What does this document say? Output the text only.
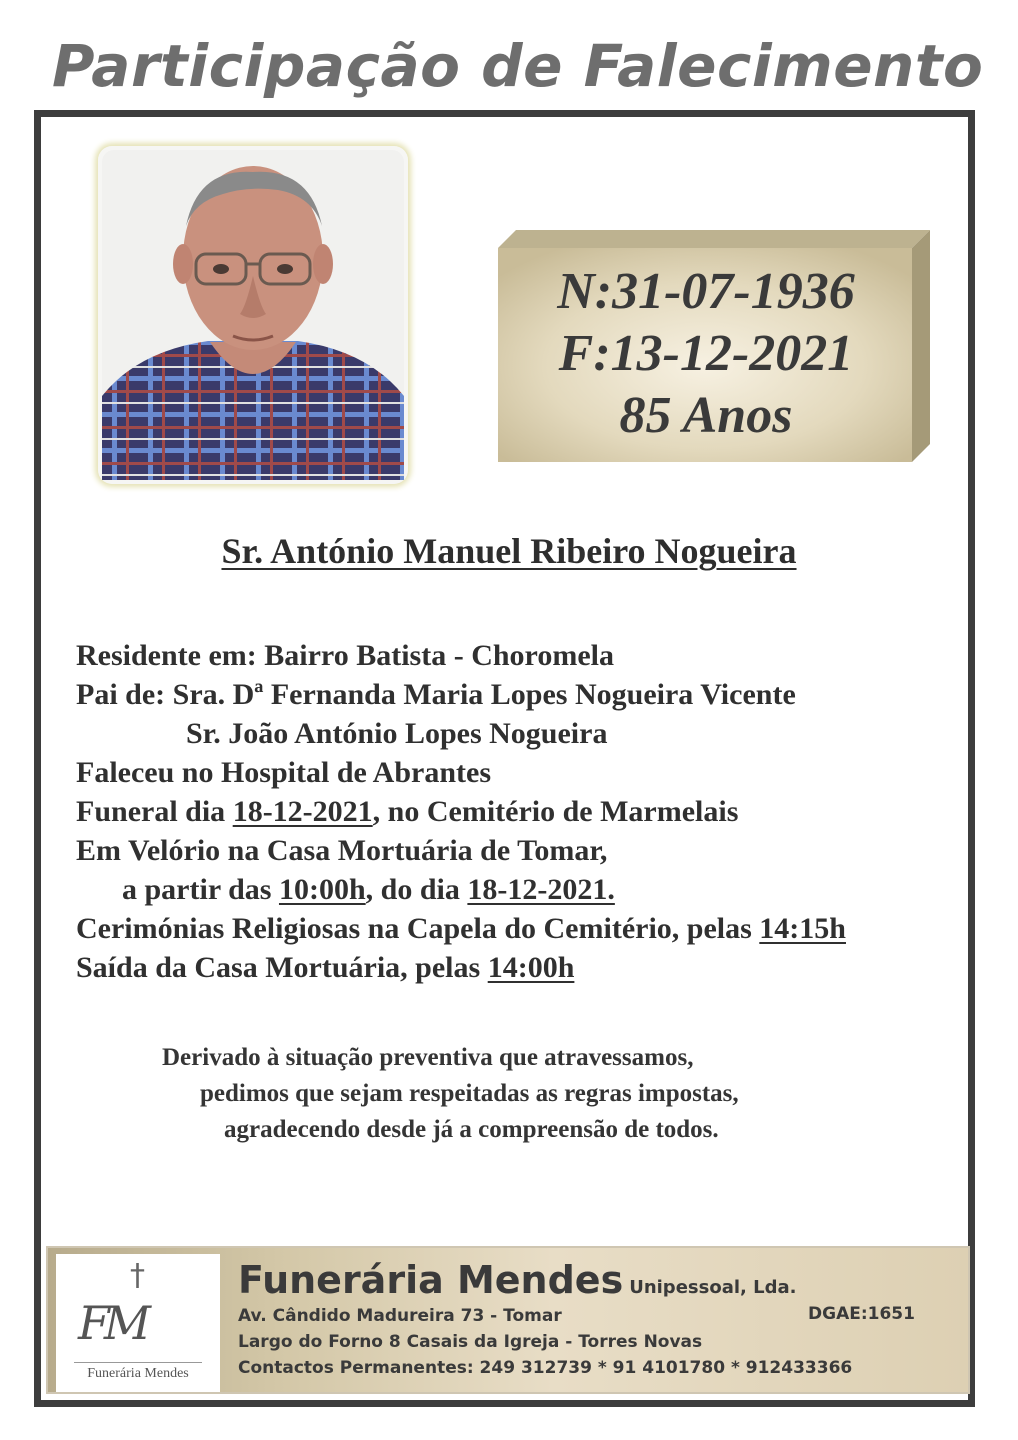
Participação de Falecimento
N:31-07-1936
F:13-12-2021
85 Anos
Sr. António Manuel Ribeiro Nogueira
Residente em: Bairro Batista - Choromela
Pai de: Sra. Dª Fernanda Maria Lopes Nogueira Vicente
Sr. João António Lopes Nogueira
Faleceu no Hospital de Abrantes
Funeral dia 18-12-2021, no Cemitério de Marmelais
Em Velório na Casa Mortuária de Tomar,
a partir das 10:00h, do dia 18-12-2021.
Cerimónias Religiosas na Capela do Cemitério, pelas 14:15h
Saída da Casa Mortuária, pelas 14:00h
Derivado à situação preventiva que atravessamos,
pedimos que sejam respeitadas as regras impostas,
agradecendo desde já a compreensão de todos.
†
FM
Funerária Mendes
Funerária Mendes Unipessoal, Lda.
Av. Cândido Madureira 73 - Tomar	DGAE:1651
Largo do Forno 8 Casais da Igreja - Torres Novas
Contactos Permanentes: 249 312739 * 91 4101780 * 912433366
